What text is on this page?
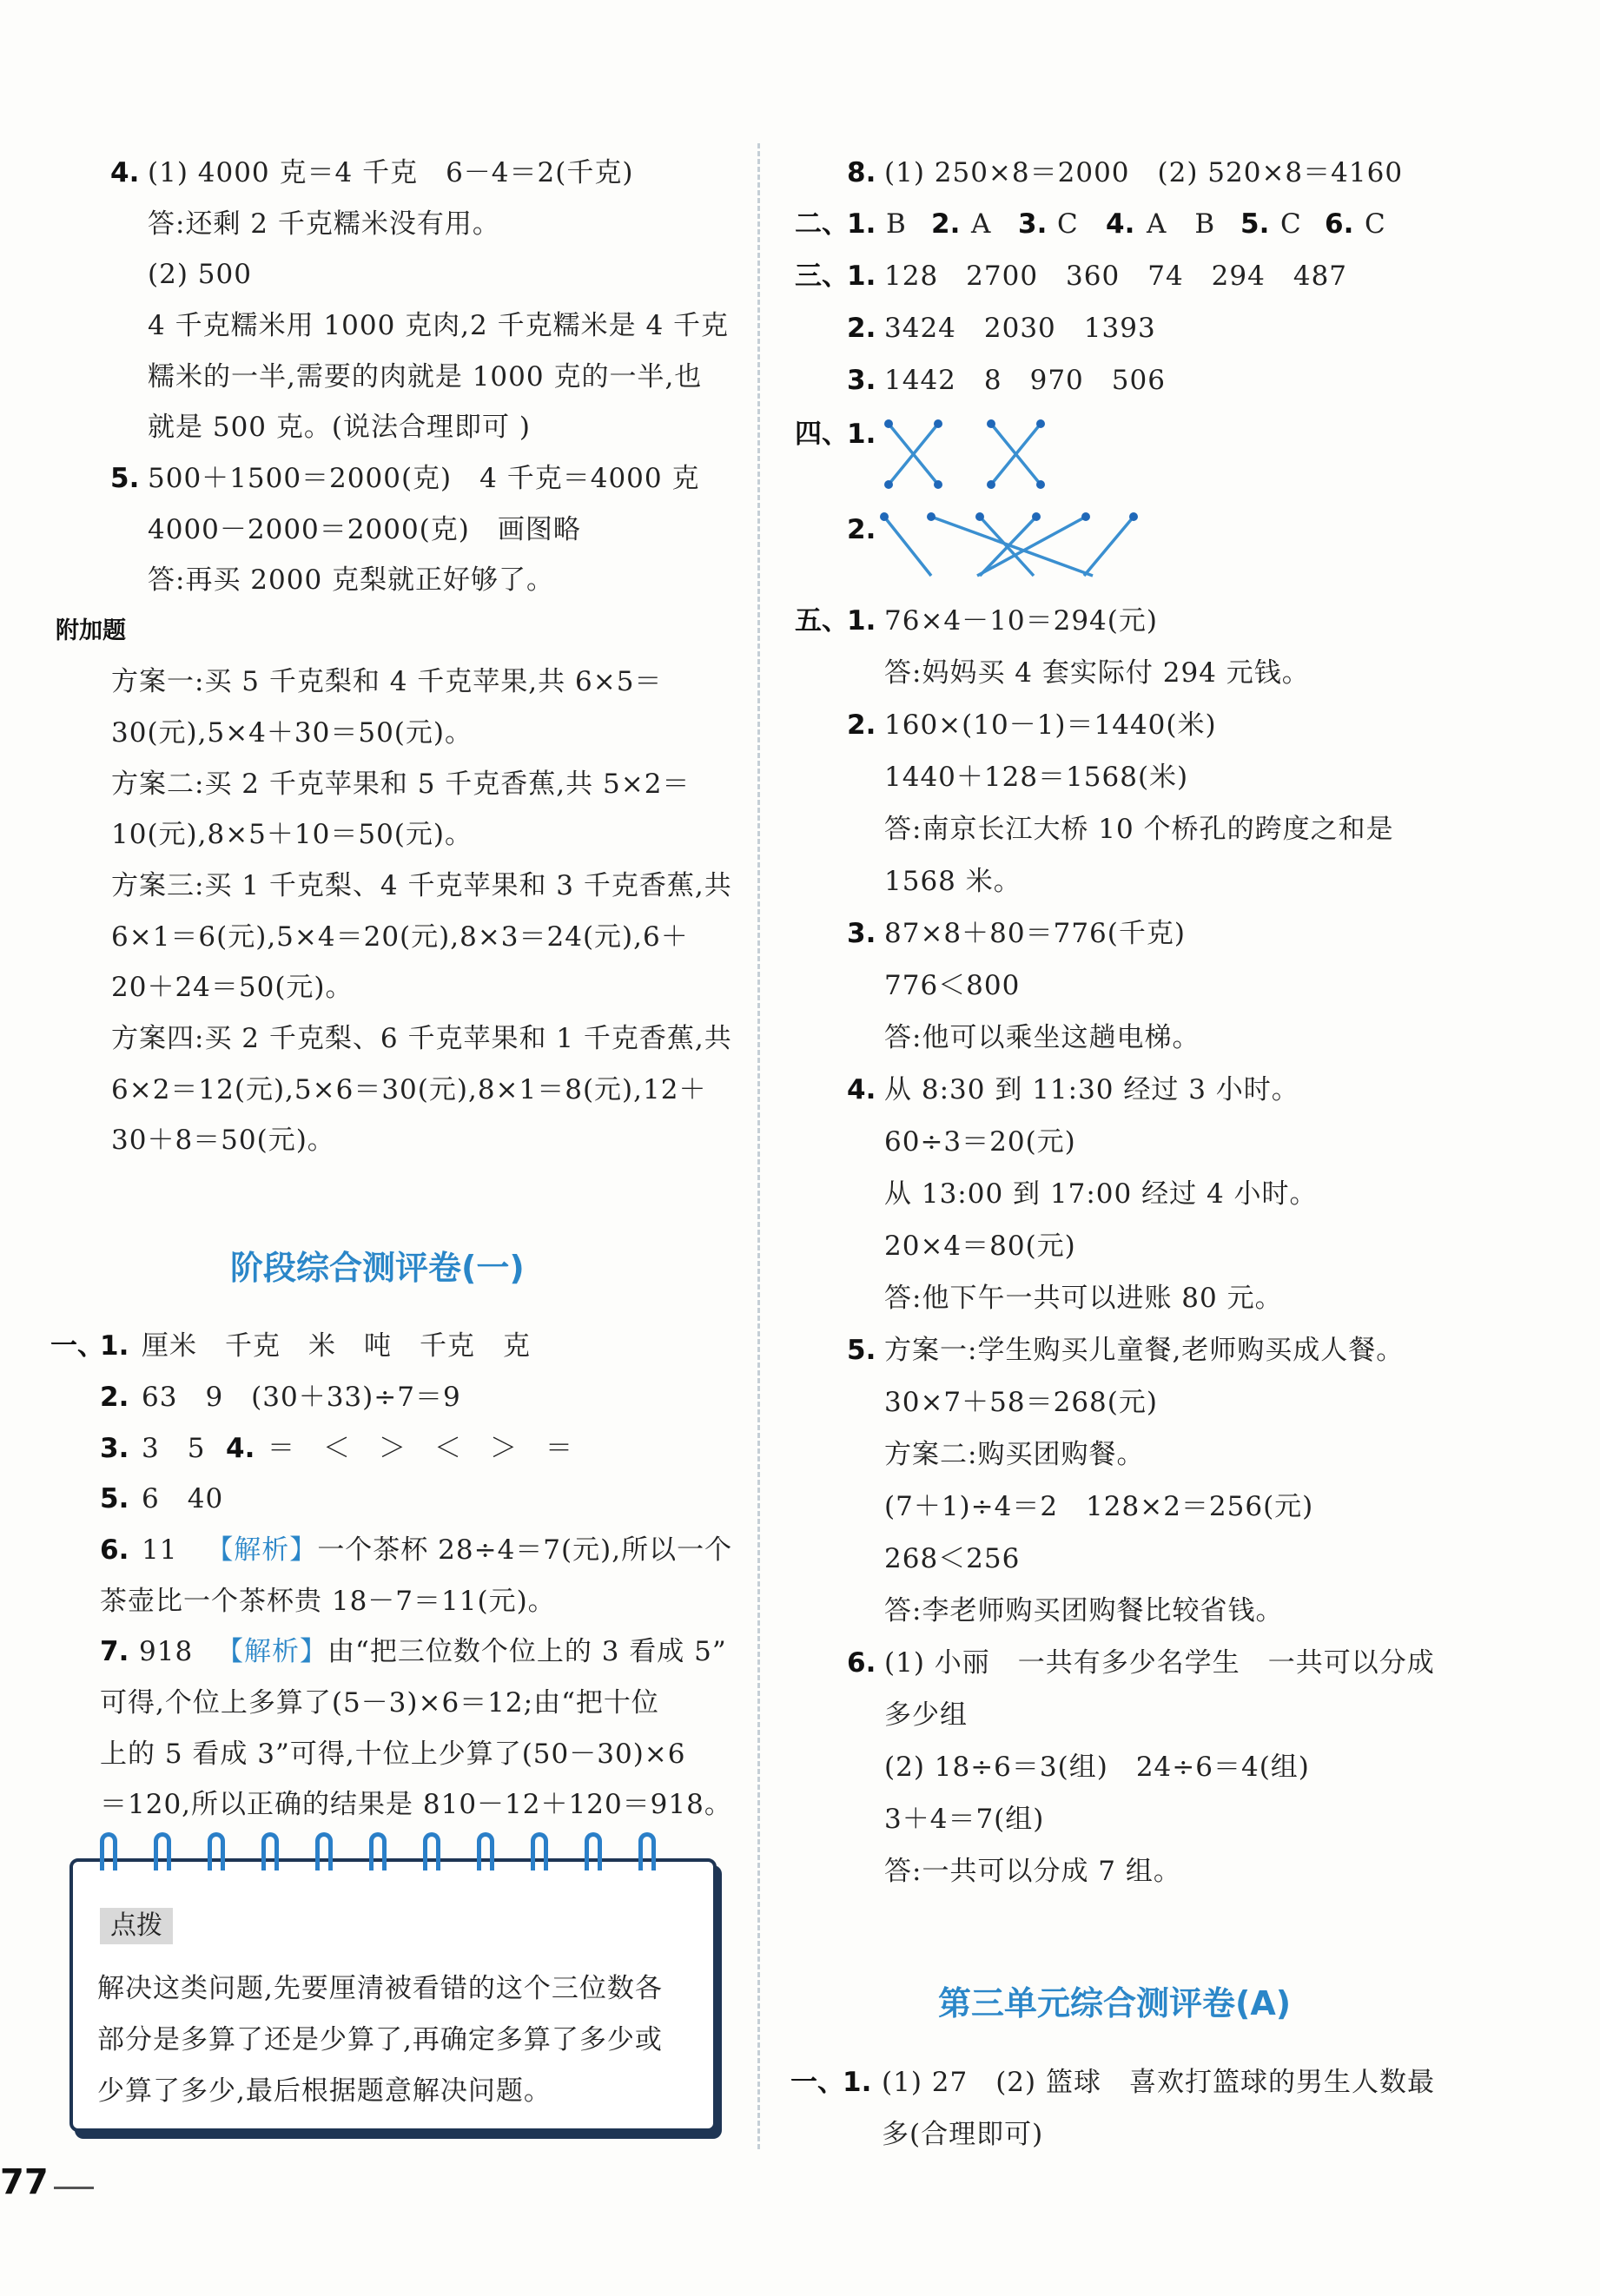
4. (1) 4000 克＝4 千克　6－4＝2(千克)
答:还剩 2 千克糯米没有用。
(2) 500
4 千克糯米用 1000 克肉,2 千克糯米是 4 千克
糯米的一半,需要的肉就是 1000 克的一半,也
就是 500 克。(说法合理即可 )
5. 500＋1500＝2000(克)　4 千克＝4000 克
4000－2000＝2000(克)　画图略
答:再买 2000 克梨就正好够了。
附加题
方案一:买 5 千克梨和 4 千克苹果,共 6×5＝
30(元),5×4＋30＝50(元)。
方案二:买 2 千克苹果和 5 千克香蕉,共 5×2＝
10(元),8×5＋10＝50(元)。
方案三:买 1 千克梨、4 千克苹果和 3 千克香蕉,共
6×1＝6(元),5×4＝20(元),8×3＝24(元),6＋
20＋24＝50(元)。
方案四:买 2 千克梨、6 千克苹果和 1 千克香蕉,共
6×2＝12(元),5×6＝30(元),8×1＝8(元),12＋
30＋8＝50(元)。
阶段综合测评卷(一)
一、
1. 厘米　千克　米　吨　千克　克
2. 63　9　(30＋33)÷7＝9
3. 3　5 4. ＝　＜　＞　＜　＞　＝
5. 6　40
6. 11 【解析】一个茶杯 28÷4＝7(元),所以一个
茶壶比一个茶杯贵 18－7＝11(元)。
7. 918 【解析】由“把三位数个位上的 3 看成 5”
可得,个位上多算了(5－3)×6＝12;由“把十位
上的 5 看成 3”可得,十位上少算了(50－30)×6
＝120,所以正确的结果是 810－12＋120＝918。
点拨
解决这类问题,先要厘清被看错的这个三位数各
部分是多算了还是少算了,再确定多算了多少或
少算了多少,最后根据题意解决问题。
77
8. (1) 250×8＝2000　(2) 520×8＝4160
二、
1. B 2. A 3. C 4. A　B 5. C 6. C
三、
1. 128　2700　360　74　294　487
2. 3424　2030　1393
3. 1442　8　970　506
四、
1.
2.
五、
1. 76×4－10＝294(元)
答:妈妈买 4 套实际付 294 元钱。
2. 160×(10－1)＝1440(米)
1440＋128＝1568(米)
答:南京长江大桥 10 个桥孔的跨度之和是
1568 米。
3. 87×8＋80＝776(千克)
776＜800
答:他可以乘坐这趟电梯。
4. 从 8:30 到 11:30 经过 3 小时。
60÷3＝20(元)
从 13:00 到 17:00 经过 4 小时。
20×4＝80(元)
答:他下午一共可以进账 80 元。
5. 方案一:学生购买儿童餐,老师购买成人餐。
30×7＋58＝268(元)
方案二:购买团购餐。
(7＋1)÷4＝2　128×2＝256(元)
268＜256
答:李老师购买团购餐比较省钱。
6. (1) 小丽　一共有多少名学生　一共可以分成
多少组
(2) 18÷6＝3(组)　24÷6＝4(组)
3＋4＝7(组)
答:一共可以分成 7 组。
第三单元综合测评卷(A)
一、
1. (1) 27　(2) 篮球　喜欢打篮球的男生人数最
多(合理即可)
